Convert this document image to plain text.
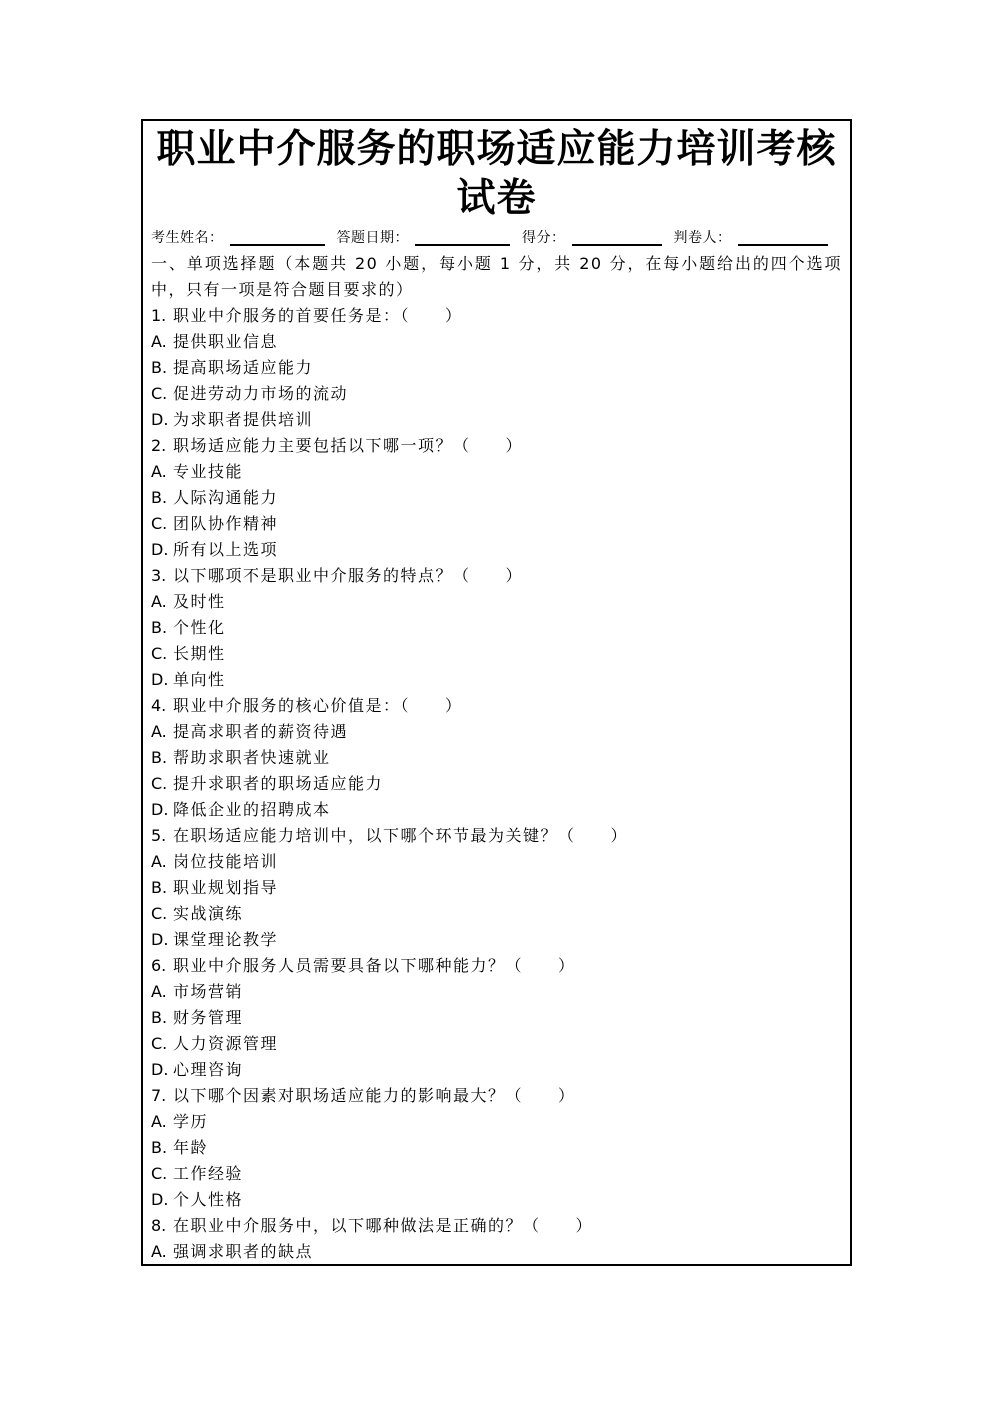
职业中介服务的职场适应能力培训考核试卷
考生姓名：	答题日期：	得分：	判卷人：

一、单项选择题（本题共 20 小题，每小题 1 分，共 20 分，在每小题给出的四个选项中，只有一项是符合题目要求的）

1. 职业中介服务的首要任务是：（　　）

A. 提供职业信息

B. 提高职场适应能力

C. 促进劳动力市场的流动

D. 为求职者提供培训

2. 职场适应能力主要包括以下哪一项？（　　）

A. 专业技能

B. 人际沟通能力

C. 团队协作精神

D. 所有以上选项

3. 以下哪项不是职业中介服务的特点？（　　）

A. 及时性

B. 个性化

C. 长期性

D. 单向性

4. 职业中介服务的核心价值是：（　　）

A. 提高求职者的薪资待遇

B. 帮助求职者快速就业

C. 提升求职者的职场适应能力

D. 降低企业的招聘成本

5. 在职场适应能力培训中，以下哪个环节最为关键？（　　）

A. 岗位技能培训

B. 职业规划指导

C. 实战演练

D. 课堂理论教学

6. 职业中介服务人员需要具备以下哪种能力？（　　）

A. 市场营销

B. 财务管理

C. 人力资源管理

D. 心理咨询

7. 以下哪个因素对职场适应能力的影响最大？（　　）

A. 学历

B. 年龄

C. 工作经验

D. 个人性格

8. 在职业中介服务中，以下哪种做法是正确的？（　　）

A. 强调求职者的缺点
